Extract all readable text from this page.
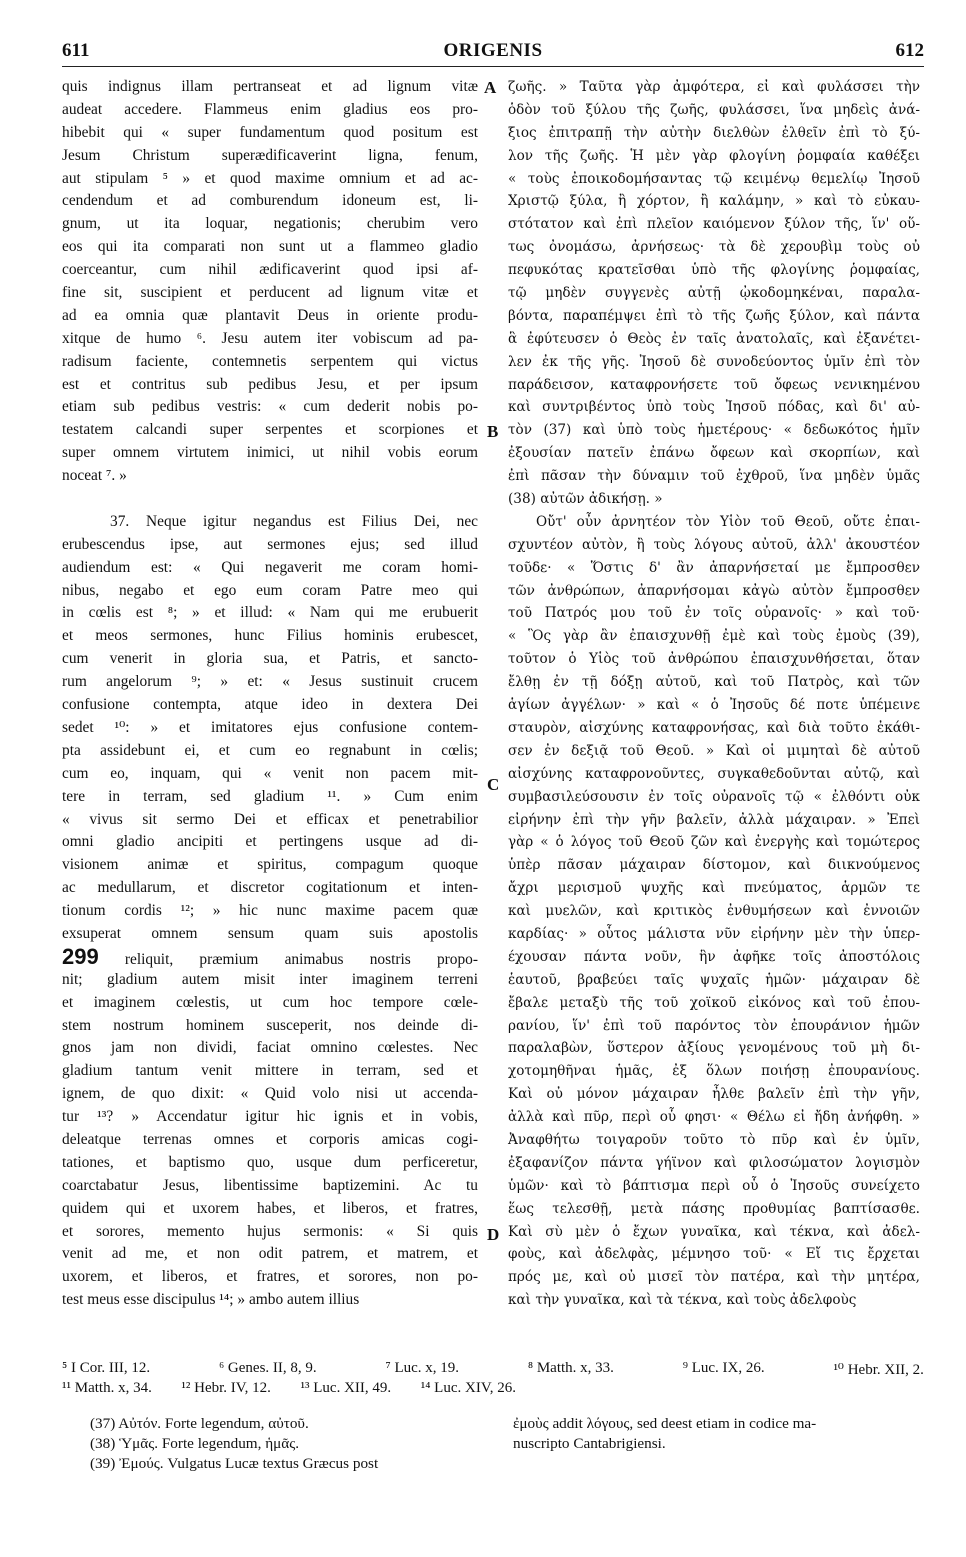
611	ORIGENIS	612
quis indignus illam pertranseat et ad lignum vitæ
audeat accedere. Flammeus enim gladius eos pro-
hibebit qui « super fundamentum quod positum est
Jesum Christum superædificaverint ligna, fenum,
aut stipulam ⁵ » et quod maxime omnium et ad ac-
cendendum et ad comburendum idoneum est, li-
gnum, ut ita loquar, negationis; cherubim vero
eos qui ita comparati non sunt ut a flammeo gladio
coerceantur, cum nihil ædificaverint quod ipsi af-
fine sit, suscipient et perducent ad lignum vitæ et
ad ea omnia quæ plantavit Deus in oriente produ-
xitque de humo ⁶. Jesu autem iter vobiscum ad pa-
radisum faciente, contemnetis serpentem qui victus
est et contritus sub pedibus Jesu, et per ipsum
etiam sub pedibus vestris: « cum dederit nobis po-
testatem calcandi super serpentes et scorpiones et
super omnem virtutem inimici, ut nihil vobis eorum
noceat ⁷. »
37. Neque igitur negandus est Filius Dei, nec
erubescendus ipse, aut sermones ejus; sed illud
audiendum est: « Qui negaverit me coram homi-
nibus, negabo et ego eum coram Patre meo qui
in cœlis est ⁸; » et illud: « Nam qui me erubuerit
et meos sermones, hunc Filius hominis erubescet,
cum venerit in gloria sua, et Patris, et sancto-
rum angelorum ⁹; » et: « Jesus sustinuit crucem
confusione contempta, atque ideo in dextera Dei
sedet ¹⁰: » et imitatores ejus confusione contem-
pta assidebunt ei, et cum eo regnabunt in cœlis;
cum eo, inquam, qui « venit non pacem mit-
tere in terram, sed gladium ¹¹. » Cum enim
« vivus sit sermo Dei et efficax et penetrabilior
omni gladio ancipiti et pertingens usque ad di-
visionem animæ et spiritus, compagum quoque
ac medullarum, et discretor cogitationum et inten-
tionum cordis ¹²; » hic nunc maxime pacem quæ
exsuperat omnem sensum quam suis apostolis
299 reliquit, præmium animabus nostris propo-
nit; gladium autem misit inter imaginem terreni
et imaginem cœlestis, ut cum hoc tempore cœle-
stem nostrum hominem susceperit, nos deinde di-
gnos jam non dividi, faciat omnino cœlestes. Nec
gladium tantum venit mittere in terram, sed et
ignem, de quo dixit: « Quid volo nisi ut accenda-
tur ¹³? » Accendatur igitur hic ignis et in vobis,
deleatque terrenas omnes et corporis amicas cogi-
tationes, et baptismo quo, usque dum perficeretur,
coarctabatur Jesus, libentissime baptizemini. Ac tu
quidem qui et uxorem habes, et liberos, et fratres,
et sorores, memento hujus sermonis: « Si quis
venit ad me, et non odit patrem, et matrem, et
uxorem, et liberos, et fratres, et sorores, non po-
test meus esse discipulus ¹⁴; » ambo autem illius
ζωῆς. » Ταῦτα γὰρ ἀμφότερα, εἰ καὶ φυλάσσει τὴν
ὁδὸν τοῦ ξύλου τῆς ζωῆς, φυλάσσει, ἵνα μηδεὶς ἀνά-
ξιος ἐπιτραπῇ τὴν αὐτὴν διελθὼν ἐλθεῖν ἐπὶ τὸ ξύ-
λον τῆς ζωῆς. Ἡ μὲν γὰρ φλογίνη ῥομφαία καθέξει
« τοὺς ἐποικοδομήσαντας τῷ κειμένῳ θεμελίῳ Ἰησοῦ
Χριστῷ ξύλα, ἢ χόρτον, ἢ καλάμην, » καὶ τὸ εὐκαυ-
στότατον καὶ ἐπὶ πλεῖον καιόμενον ξύλον τῆς, ἵν' οὕ-
τως ὀνομάσω, ἀρνήσεως· τὰ δὲ χερουβὶμ τοὺς οὐ
πεφυκότας κρατεῖσθαι ὑπὸ τῆς φλογίνης ῥομφαίας,
τῷ μηδὲν συγγενὲς αὐτῇ ᾠκοδομηκέναι, παραλα-
βόντα, παραπέμψει ἐπὶ τὸ τῆς ζωῆς ξύλον, καὶ πάντα
ἃ ἐφύτευσεν ὁ Θεὸς ἐν ταῖς ἀνατολαῖς, καὶ ἐξανέτει-
λεν ἐκ τῆς γῆς. Ἰησοῦ δὲ συνοδεύοντος ὑμῖν ἐπὶ τὸν
παράδεισον, καταφρονήσετε τοῦ ὄφεως νενικημένου
καὶ συντριβέντος ὑπὸ τοὺς Ἰησοῦ πόδας, καὶ δι' αὐ-
τὸν (37) καὶ ὑπὸ τοὺς ἡμετέρους· « δεδωκότος ἡμῖν
ἐξουσίαν πατεῖν ἐπάνω ὄφεων καὶ σκορπίων, καὶ
ἐπὶ πᾶσαν τὴν δύναμιν τοῦ ἐχθροῦ, ἵνα μηδὲν ὑμᾶς
(38) αὐτῶν ἀδικήσῃ. »
Οὔτ' οὖν ἀρνητέον τὸν Υἱὸν τοῦ Θεοῦ, οὔτε ἐπαι-
σχυντέον αὐτὸν, ἢ τοὺς λόγους αὐτοῦ, ἀλλ' ἀκουστέον
τοῦδε· « Ὅστις δ' ἂν ἀπαρνήσεταί με ἔμπροσθεν
τῶν ἀνθρώπων, ἀπαρνήσομαι κἀγὼ αὐτὸν ἔμπροσθεν
τοῦ Πατρός μου τοῦ ἐν τοῖς οὐρανοῖς· » καὶ τοῦ·
« Ὃς γὰρ ἂν ἐπαισχυνθῇ ἐμὲ καὶ τοὺς ἐμοὺς (39),
τοῦτον ὁ Υἱὸς τοῦ ἀνθρώπου ἐπαισχυνθήσεται, ὅταν
ἔλθῃ ἐν τῇ δόξῃ αὐτοῦ, καὶ τοῦ Πατρὸς, καὶ τῶν
ἁγίων ἀγγέλων· » καὶ « ὁ Ἰησοῦς δέ ποτε ὑπέμεινε
σταυρὸν, αἰσχύνης καταφρονήσας, καὶ διὰ τοῦτο ἐκάθι-
σεν ἐν δεξιᾷ τοῦ Θεοῦ. » Καὶ οἱ μιμηταὶ δὲ αὐτοῦ
αἰσχύνης καταφρονοῦντες, συγκαθεδοῦνται αὐτῷ, καὶ
συμβασιλεύσουσιν ἐν τοῖς οὐρανοῖς τῷ « ἐλθόντι οὐκ
εἰρήνην ἐπὶ τὴν γῆν βαλεῖν, ἀλλὰ μάχαιραν. » Ἐπεὶ
γὰρ « ὁ λόγος τοῦ Θεοῦ ζῶν καὶ ἐνεργὴς καὶ τομώτερος
ὑπὲρ πᾶσαν μάχαιραν δίστομον, καὶ διικνούμενος
ἄχρι μερισμοῦ ψυχῆς καὶ πνεύματος, ἁρμῶν τε
καὶ μυελῶν, καὶ κριτικὸς ἐνθυμήσεων καὶ ἐννοιῶν
καρδίας· » οὗτος μάλιστα νῦν εἰρήνην μὲν τὴν ὑπερ-
έχουσαν πάντα νοῦν, ἣν ἀφῆκε τοῖς ἀποστόλοις
ἑαυτοῦ, βραβεύει ταῖς ψυχαῖς ἡμῶν· μάχαιραν δὲ
ἔβαλε μεταξὺ τῆς τοῦ χοϊκοῦ εἰκόνος καὶ τοῦ ἐπου-
ρανίου, ἵν' ἐπὶ τοῦ παρόντος τὸν ἐπουράνιον ἡμῶν
παραλαβὼν, ὕστερον ἀξίους γενομένους τοῦ μὴ δι-
χοτομηθῆναι ἡμᾶς, ἐξ ὅλων ποιήσῃ ἐπουρανίους.
Καὶ οὐ μόνον μάχαιραν ἦλθε βαλεῖν ἐπὶ τὴν γῆν,
ἀλλὰ καὶ πῦρ, περὶ οὗ φησι· « Θέλω εἰ ἤδη ἀνήφθη. »
Ἀναφθήτω τοιγαροῦν τοῦτο τὸ πῦρ καὶ ἐν ὑμῖν,
ἐξαφανίζον πάντα γήϊνον καὶ φιλοσώματον λογισμὸν
ὑμῶν· καὶ τὸ βάπτισμα περὶ οὗ ὁ Ἰησοῦς συνείχετο
ἕως τελεσθῇ, μετὰ πάσης προθυμίας βαπτίσασθε.
Καὶ σὺ μὲν ὁ ἔχων γυναῖκα, καὶ τέκνα, καὶ ἀδελ-
φοὺς, καὶ ἀδελφὰς, μέμνησο τοῦ· « Εἴ τις ἔρχεται
πρός με, καὶ οὐ μισεῖ τὸν πατέρα, καὶ τὴν μητέρα,
καὶ τὴν γυναῖκα, καὶ τὰ τέκνα, καὶ τοὺς ἀδελφοὺς
A
B
C
D
⁵ I Cor. III, 12.	⁶ Genes. II, 8, 9.	⁷ Luc. x, 19.	⁸ Matth. x, 33.	⁹ Luc. IX, 26.	¹⁰ Hebr. XII, 2.
¹¹ Matth. x, 34. ¹² Hebr. IV, 12. ¹³ Luc. XII, 49. ¹⁴ Luc. XIV, 26.
(37) Αὐτόν. Forte legendum, αὐτοῦ.
(38) Ὑμᾶς. Forte legendum, ἡμᾶς.
(39) Ἐμούς. Vulgatus Lucæ textus Græcus post
ἐμοὺς addit λόγους, sed deest etiam in codice ma-
nuscripto Cantabrigiensi.
